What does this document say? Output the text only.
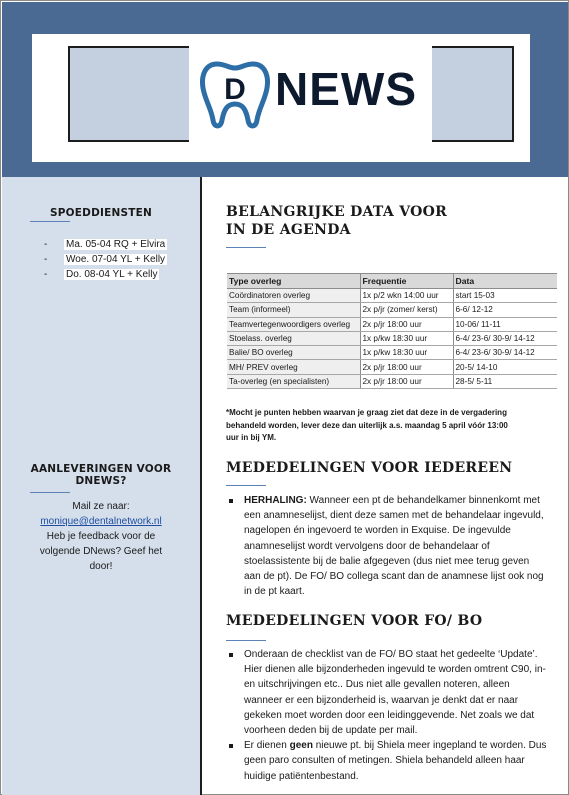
D NEWS
SPOEDDIENSTEN
- Ma. 05-04 RQ + Elvira
- Woe. 07-04 YL + Kelly
- Do. 08-04 YL + Kelly
AANLEVERINGEN VOOR
DNEWS?
Mail ze naar:
monique@dentalnetwork.nl
Heb je feedback voor de
volgende DNews? Geef het
door!
BELANGRIJKE DATA VOOR
IN DE AGENDA
Type overleg	Frequentie	Data
Coördinatoren overleg	1x p/2 wkn 14:00 uur	start 15-03
Team (informeel)	2x p/jr (zomer/ kerst)	6-6/ 12-12
Teamvertegenwoordigers overleg	2x p/jr 18:00 uur	10-06/ 11-11
Stoelass. overleg	1x p/kw 18:30 uur	6-4/ 23-6/ 30-9/ 14-12
Balie/ BO overleg	1x p/kw 18:30 uur	6-4/ 23-6/ 30-9/ 14-12
MH/ PREV overleg	2x p/jr 18:00 uur	20-5/ 14-10
Ta-overleg (en specialisten)	2x p/jr 18:00 uur	28-5/ 5-11
*Mocht je punten hebben waarvan je graag ziet dat deze in de vergadering
behandeld worden, lever deze dan uiterlijk a.s. maandag 5 april vóór 13:00
uur in bij YM.
MEDEDELINGEN VOOR IEDEREEN
HERHALING: Wanneer een pt de behandelkamer binnenkomt met een anamneselijst, dient deze samen met de behandelaar ingevuld, nagelopen én ingevoerd te worden in Exquise. De ingevulde anamneselijst wordt vervolgens door de behandelaar of stoelassistente bij de balie afgegeven (dus niet mee terug geven aan de pt). De FO/ BO collega scant dan de anamnese lijst ook nog in de pt kaart.
MEDEDELINGEN VOOR FO/ BO
Onderaan de checklist van de FO/ BO staat het gedeelte ‘Update’. Hier dienen alle bijzonderheden ingevuld te worden omtrent C90, in- en uitschrijvingen etc.. Dus niet alle gevallen noteren, alleen wanneer er een bijzonderheid is, waarvan je denkt dat er naar gekeken moet worden door een leidinggevende. Net zoals we dat voorheen deden bij de update per mail.
Er dienen geen nieuwe pt. bij Shiela meer ingepland te worden. Dus geen paro consulten of metingen. Shiela behandeld alleen haar huidige patiëntenbestand.
